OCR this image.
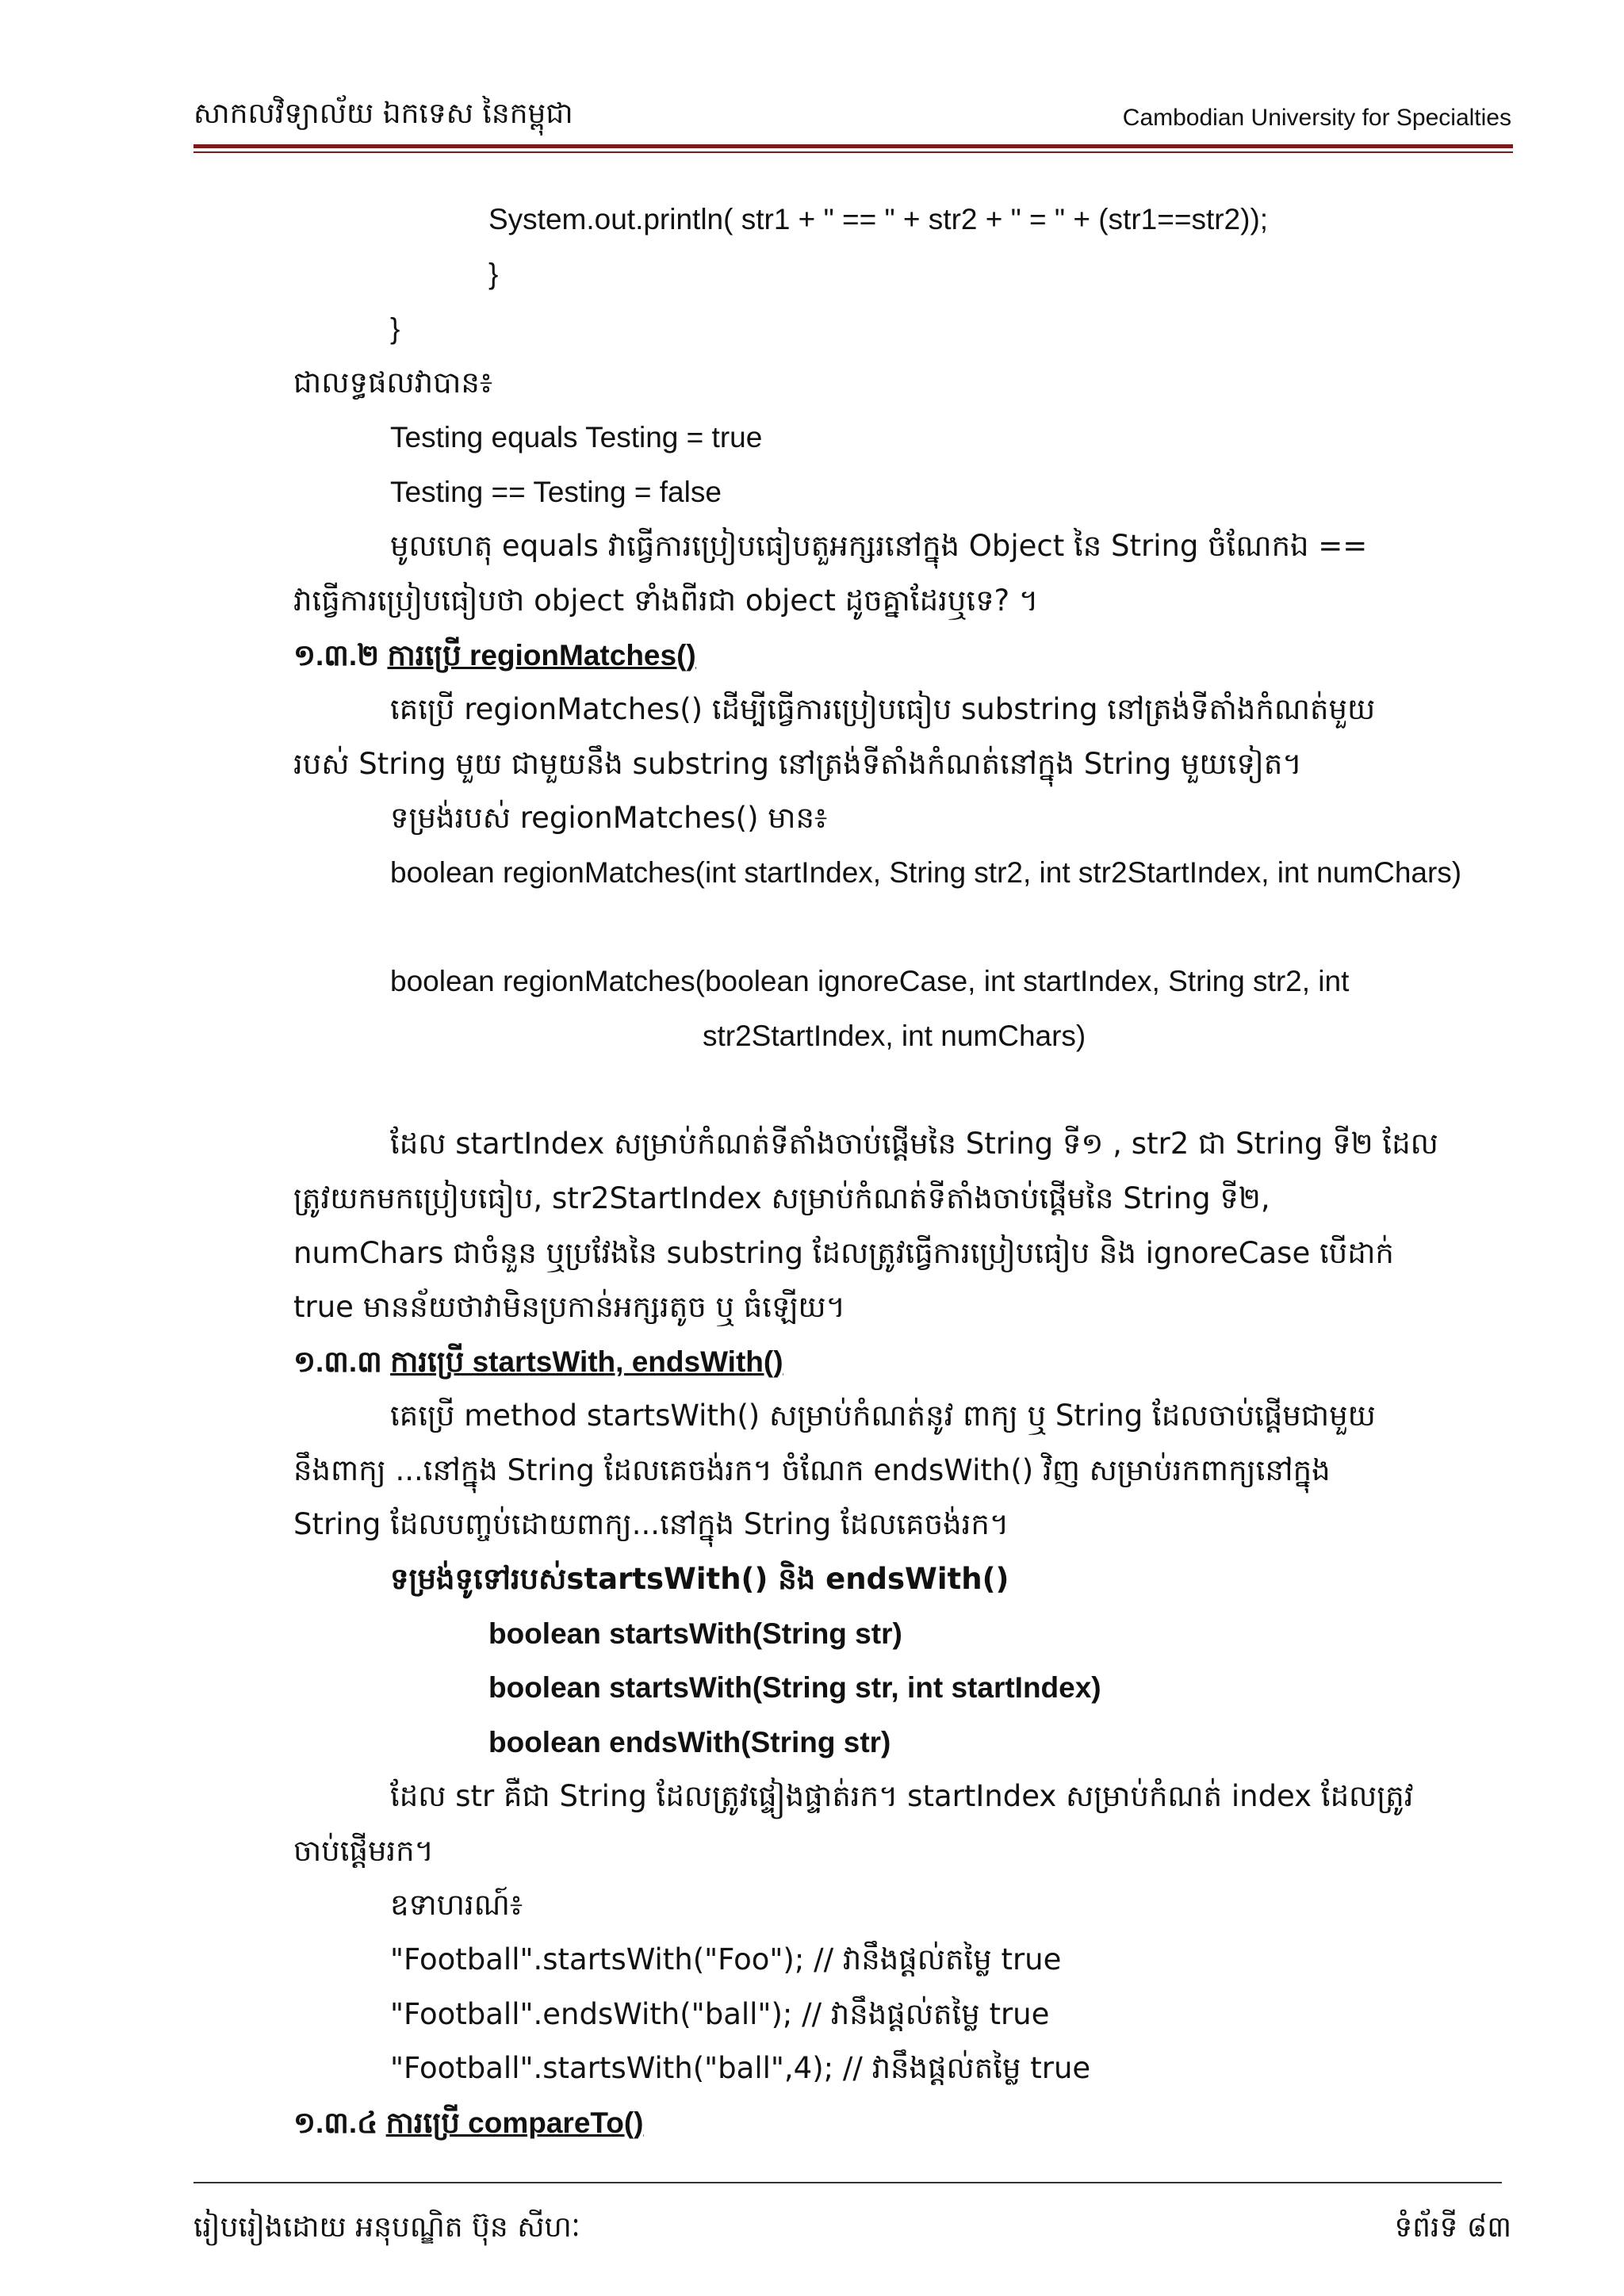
សាកលវិទ្យាល័យ ឯកទេស នៃកម្ពុជា	Cambodian University for Specialties
System.out.println( str1 + " == " + str2 + " = " + (str1==str2));
}
}
ជាលទ្ធផលវាបាន៖
Testing equals Testing = true
Testing == Testing = false
មូលហេតុ equals វាធ្វើការប្រៀបធៀបតួអក្សរនៅក្នុង Object នៃ String ចំណែកឯ ==
វាធ្វើការប្រៀបធៀបថា object ទាំងពីរជា object ដូចគ្នាដែរឬទេ? ។
១.៣.២ ការប្រើ regionMatches()
គេប្រើ regionMatches() ដើម្បីធ្វើការប្រៀបធៀប substring នៅត្រង់ទីតាំងកំណត់មួយ
របស់ String មួយ ជាមួយនឹង substring នៅត្រង់ទីតាំងកំណត់នៅក្នុង String មួយទៀត។
ទម្រង់របស់ regionMatches() មាន៖
boolean regionMatches(int startIndex, String str2, int str2StartIndex, int numChars)
boolean regionMatches(boolean ignoreCase, int startIndex, String str2, int
str2StartIndex, int numChars)
ដែល startIndex សម្រាប់កំណត់ទីតាំងចាប់ផ្តើមនៃ String ទី១ , str2 ជា String ទី២ ដែល
ត្រូវយកមកប្រៀបធៀប, str2StartIndex សម្រាប់កំណត់ទីតាំងចាប់ផ្តើមនៃ String ទី២,
numChars ជាចំនួន ឬប្រវែងនៃ substring ដែលត្រូវធ្វើការប្រៀបធៀប និង ignoreCase បើដាក់
true មានន័យថាវាមិនប្រកាន់អក្សរតូច ឬ ធំឡើយ។
១.៣.៣ ការប្រើ startsWith, endsWith()
គេប្រើ method startsWith() សម្រាប់កំណត់នូវ ពាក្យ ឬ String ដែលចាប់ផ្តើមជាមួយ
នឹងពាក្យ ...នៅក្នុង String ដែលគេចង់រក។ ចំណែក endsWith() វិញ សម្រាប់រកពាក្យនៅក្នុង
String ដែលបញ្ចប់ដោយពាក្យ...នៅក្នុង String ដែលគេចង់រក។
ទម្រង់ទូទៅរបស់startsWith() និង endsWith()
boolean startsWith(String str)
boolean startsWith(String str, int startIndex)
boolean endsWith(String str)
ដែល str គឺជា String ដែលត្រូវផ្ទៀងផ្ទាត់រក។ startIndex សម្រាប់កំណត់ index ដែលត្រូវ
ចាប់ផ្តើមរក។
ឧទាហរណ៍៖
"Football".startsWith("Foo"); // វានឹងផ្តល់តម្លៃ true
"Football".endsWith("ball"); // វានឹងផ្តល់តម្លៃ true
"Football".startsWith("ball",4); // វានឹងផ្តល់តម្លៃ true
១.៣.៤ ការប្រើ compareTo()
រៀបរៀងដោយ អនុបណ្ឌិត ប៊ុន សីហៈ	ទំព័រទី ៨៣
